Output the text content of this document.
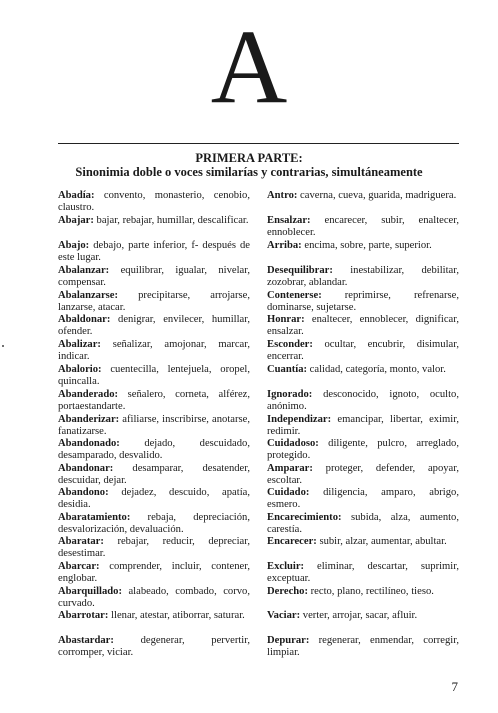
A
PRIMERA PARTE:
Sinonimia doble o voces similarías y contrarias, simultáneamente
Abadía: convento, monasterio, cenobio, claustro.
Abajar: bajar, rebajar, humillar, descalificar.
Abajo: debajo, parte inferior, f- después de este lugar.
Abalanzar: equilibrar, igualar, nivelar, compensar.
Abalanzarse: precipitarse, arrojarse, lanzarse, atacar.
Abaldonar: denigrar, envilecer, humillar, ofender.
Abalizar: señalizar, amojonar, marcar, indicar.
Abalorio: cuentecilla, lentejuela, oropel, quincalla.
Abanderado: señalero, corneta, alférez, portaestandarte.
Abanderizar: afiliarse, inscribirse, anotarse, fanatizarse.
Abandonado: dejado, descuidado, desamparado, desvalido.
Abandonar: desamparar, desatender, descuidar, dejar.
Abandono: dejadez, descuido, apatía, desidia.
Abaratamiento: rebaja, depreciación, desvalorización, devaluación.
Abaratar: rebajar, reducir, depreciar, desestimar.
Abarcar: comprender, incluir, contener, englobar.
Abarquillado: alabeado, combado, corvo, curvado.
Abarrotar: llenar, atestar, atiborrar, saturar.
Abastardar: degenerar, pervertir, corromper, viciar.
Antro: caverna, cueva, guarida, madriguera.
Ensalzar: encarecer, subir, enaltecer, ennoblecer.
Arriba: encima, sobre, parte, superior.
Desequilibrar: inestabilizar, debilitar, zozobrar, ablandar.
Contenerse: reprimirse, refrenarse, dominarse, sujetarse.
Honrar: enaltecer, ennoblecer, dignificar, ensalzar.
Esconder: ocultar, encubrir, disimular, encerrar.
Cuantía: calidad, categoría, monto, valor.
Ignorado: desconocido, ignoto, oculto, anónimo.
Independizar: emancipar, libertar, eximir, redimir.
Cuidadoso: diligente, pulcro, arreglado, protegido.
Amparar: proteger, defender, apoyar, escoltar.
Cuidado: diligencia, amparo, abrigo, esmero.
Encarecimiento: subida, alza, aumento, carestía.
Encarecer: subir, alzar, aumentar, abultar.
Excluir: eliminar, descartar, suprimir, exceptuar.
Derecho: recto, plano, rectilíneo, tieso.
Vaciar: verter, arrojar, sacar, afluir.
Depurar: regenerar, enmendar, corregir, limpiar.
7
